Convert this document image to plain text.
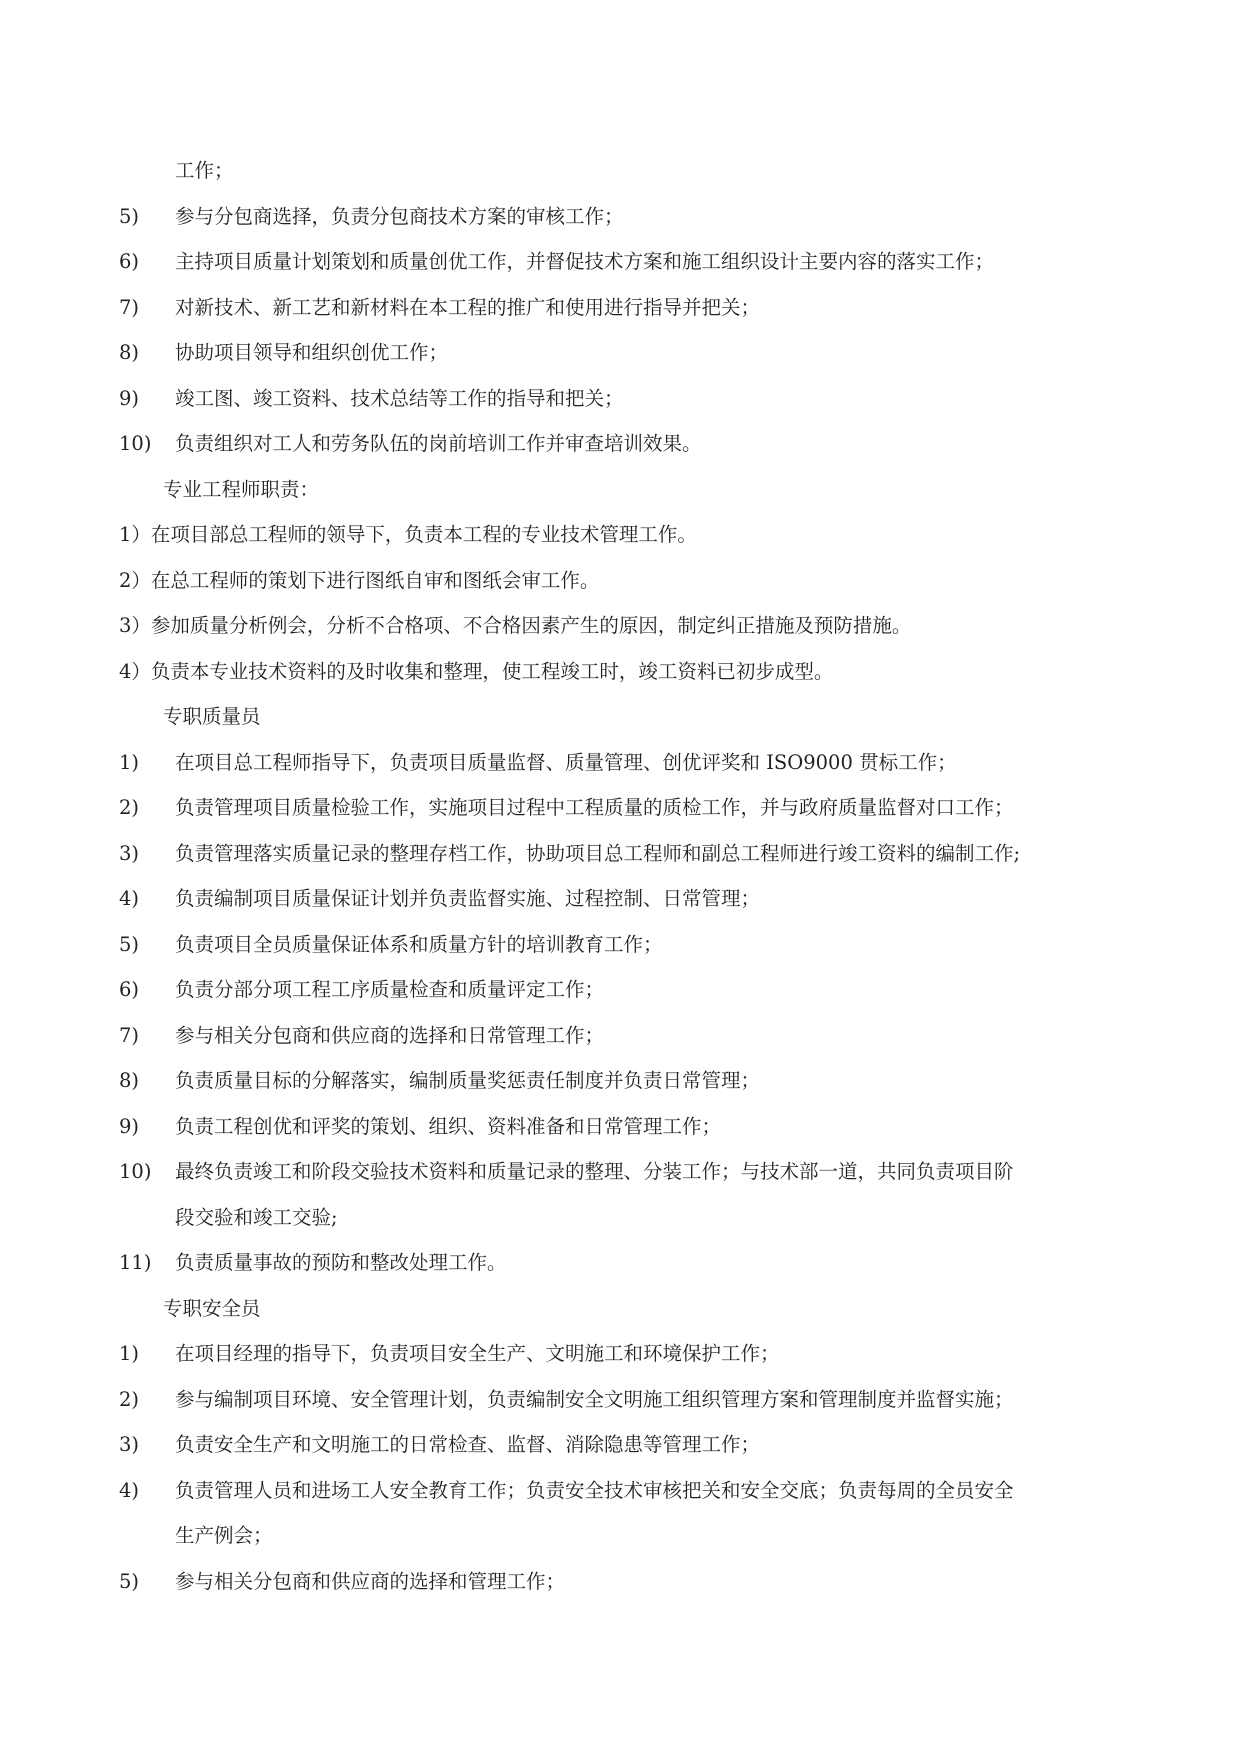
工作；
5) 参与分包商选择，负责分包商技术方案的审核工作；
6) 主持项目质量计划策划和质量创优工作，并督促技术方案和施工组织设计主要内容的落实工作；
7) 对新技术、新工艺和新材料在本工程的推广和使用进行指导并把关；
8) 协助项目领导和组织创优工作；
9) 竣工图、竣工资料、技术总结等工作的指导和把关；
10) 负责组织对工人和劳务队伍的岗前培训工作并审查培训效果。
专业工程师职责：
1）在项目部总工程师的领导下，负责本工程的专业技术管理工作。
2）在总工程师的策划下进行图纸自审和图纸会审工作。
3）参加质量分析例会，分析不合格项、不合格因素产生的原因，制定纠正措施及预防措施。
4）负责本专业技术资料的及时收集和整理，使工程竣工时，竣工资料已初步成型。
专职质量员
1) 在项目总工程师指导下，负责项目质量监督、质量管理、创优评奖和 ISO9000 贯标工作；
2) 负责管理项目质量检验工作，实施项目过程中工程质量的质检工作，并与政府质量监督对口工作；
3) 负责管理落实质量记录的整理存档工作，协助项目总工程师和副总工程师进行竣工资料的编制工作;
4) 负责编制项目质量保证计划并负责监督实施、过程控制、日常管理；
5) 负责项目全员质量保证体系和质量方针的培训教育工作；
6) 负责分部分项工程工序质量检查和质量评定工作；
7) 参与相关分包商和供应商的选择和日常管理工作；
8) 负责质量目标的分解落实，编制质量奖惩责任制度并负责日常管理；
9) 负责工程创优和评奖的策划、组织、资料准备和日常管理工作；
10) 最终负责竣工和阶段交验技术资料和质量记录的整理、分装工作；与技术部一道，共同负责项目阶
段交验和竣工交验;
11) 负责质量事故的预防和整改处理工作。
专职安全员
1) 在项目经理的指导下，负责项目安全生产、文明施工和环境保护工作；
2) 参与编制项目环境、安全管理计划，负责编制安全文明施工组织管理方案和管理制度并监督实施；
3) 负责安全生产和文明施工的日常检查、监督、消除隐患等管理工作；
4) 负责管理人员和进场工人安全教育工作；负责安全技术审核把关和安全交底；负责每周的全员安全
生产例会；
5) 参与相关分包商和供应商的选择和管理工作；
